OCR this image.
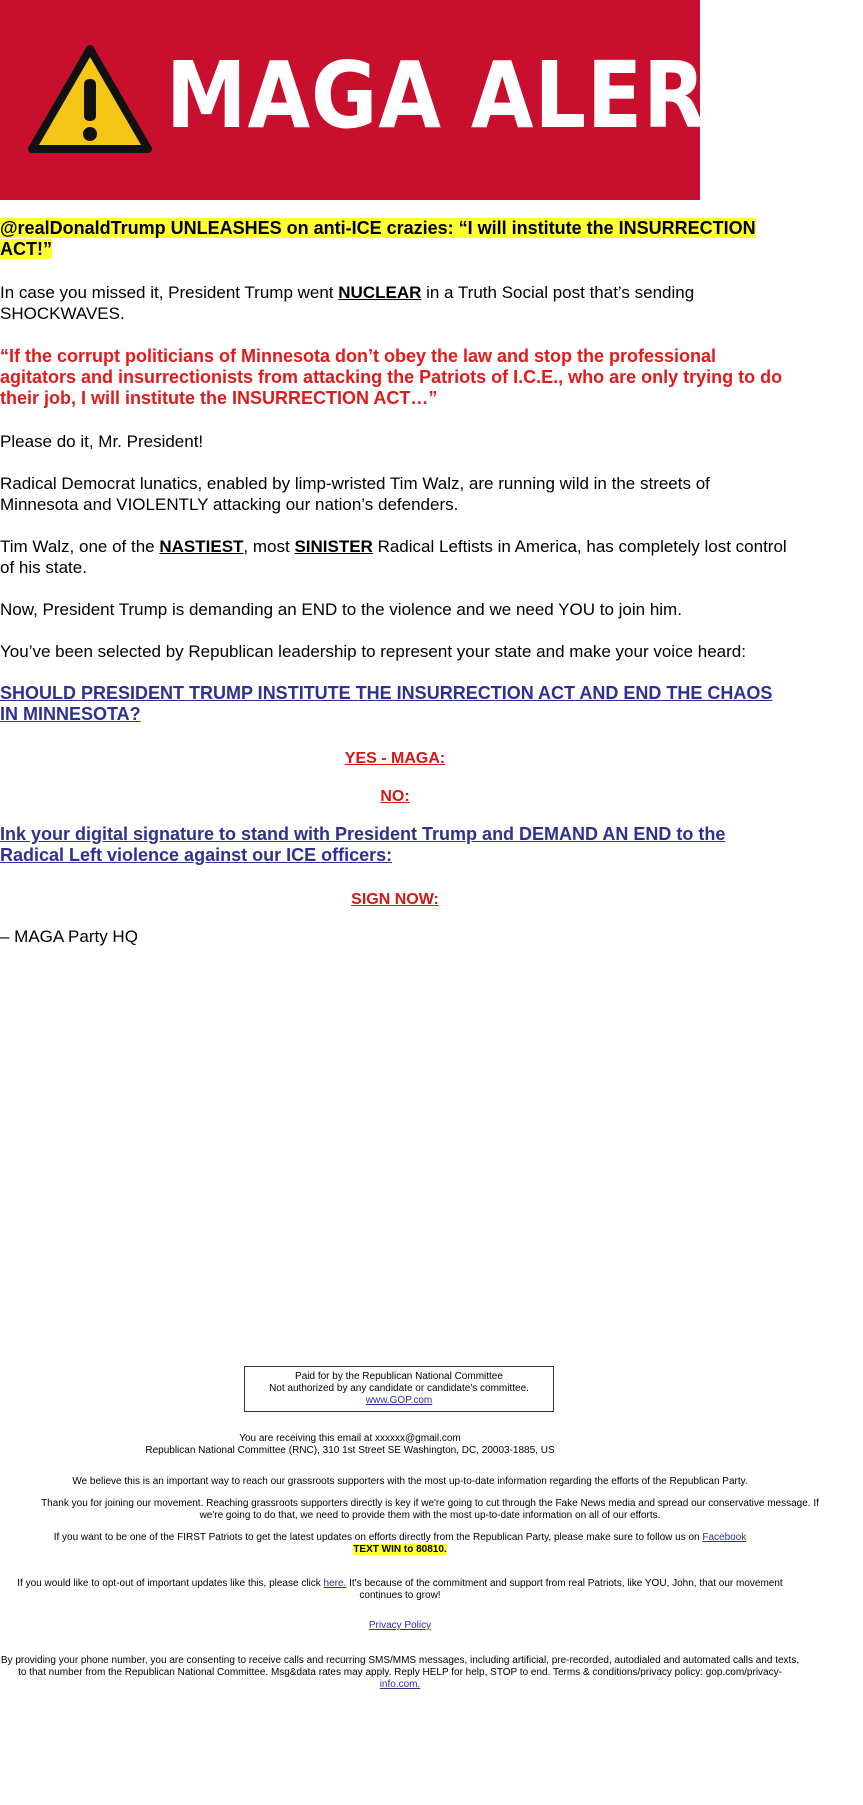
MAGA ALERT !!

@realDonaldTrump UNLEASHES on anti-ICE crazies: “I will institute the INSURRECTION ACT!”

In case you missed it, President Trump went NUCLEAR in a Truth Social post that’s sending SHOCKWAVES.

“If the corrupt politicians of Minnesota don’t obey the law and stop the professional agitators and insurrectionists from attacking the Patriots of I.C.E., who are only trying to do their job, I will institute the INSURRECTION ACT…”

Please do it, Mr. President!

Radical Democrat lunatics, enabled by limp-wristed Tim Walz, are running wild in the streets of Minnesota and VIOLENTLY attacking our nation’s defenders.

Tim Walz, one of the NASTIEST, most SINISTER Radical Leftists in America, has completely lost control of his state.

Now, President Trump is demanding an END to the violence and we need YOU to join him.

You’ve been selected by Republican leadership to represent your state and make your voice heard:

SHOULD PRESIDENT TRUMP INSTITUTE THE INSURRECTION ACT AND END THE CHAOS IN MINNESOTA?

YES - MAGA:

NO:

Ink your digital signature to stand with President Trump and DEMAND AN END to the Radical Left violence against our ICE officers:

SIGN NOW:

– MAGA Party HQ

Paid for by the Republican National Committee
Not authorized by any candidate or candidate's committee.
www.GOP.com
You are receiving this email at xxxxxx@gmail.com
Republican National Committee (RNC), 310 1st Street SE Washington, DC, 20003-1885, US
We believe this is an important way to reach our grassroots supporters with the most up-to-date information regarding the efforts of the Republican Party.
Thank you for joining our movement. Reaching grassroots supporters directly is key if we're going to cut through the Fake News media and spread our conservative message. If
we're going to do that, we need to provide them with the most up-to-date information on all of our efforts.
If you want to be one of the FIRST Patriots to get the latest updates on efforts directly from the Republican Party, please make sure to follow us on Facebook
TEXT WIN to 80810.
If you would like to opt-out of important updates like this, please click here. It's because of the commitment and support from real Patriots, like YOU, John, that our movement
continues to grow!
Privacy Policy
By providing your phone number, you are consenting to receive calls and recurring SMS/MMS messages, including artificial, pre-recorded, autodialed and automated calls and texts,
to that number from the Republican National Committee. Msg&data rates may apply. Reply HELP for help, STOP to end. Terms & conditions/privacy policy: gop.com/privacy-
info.com.
